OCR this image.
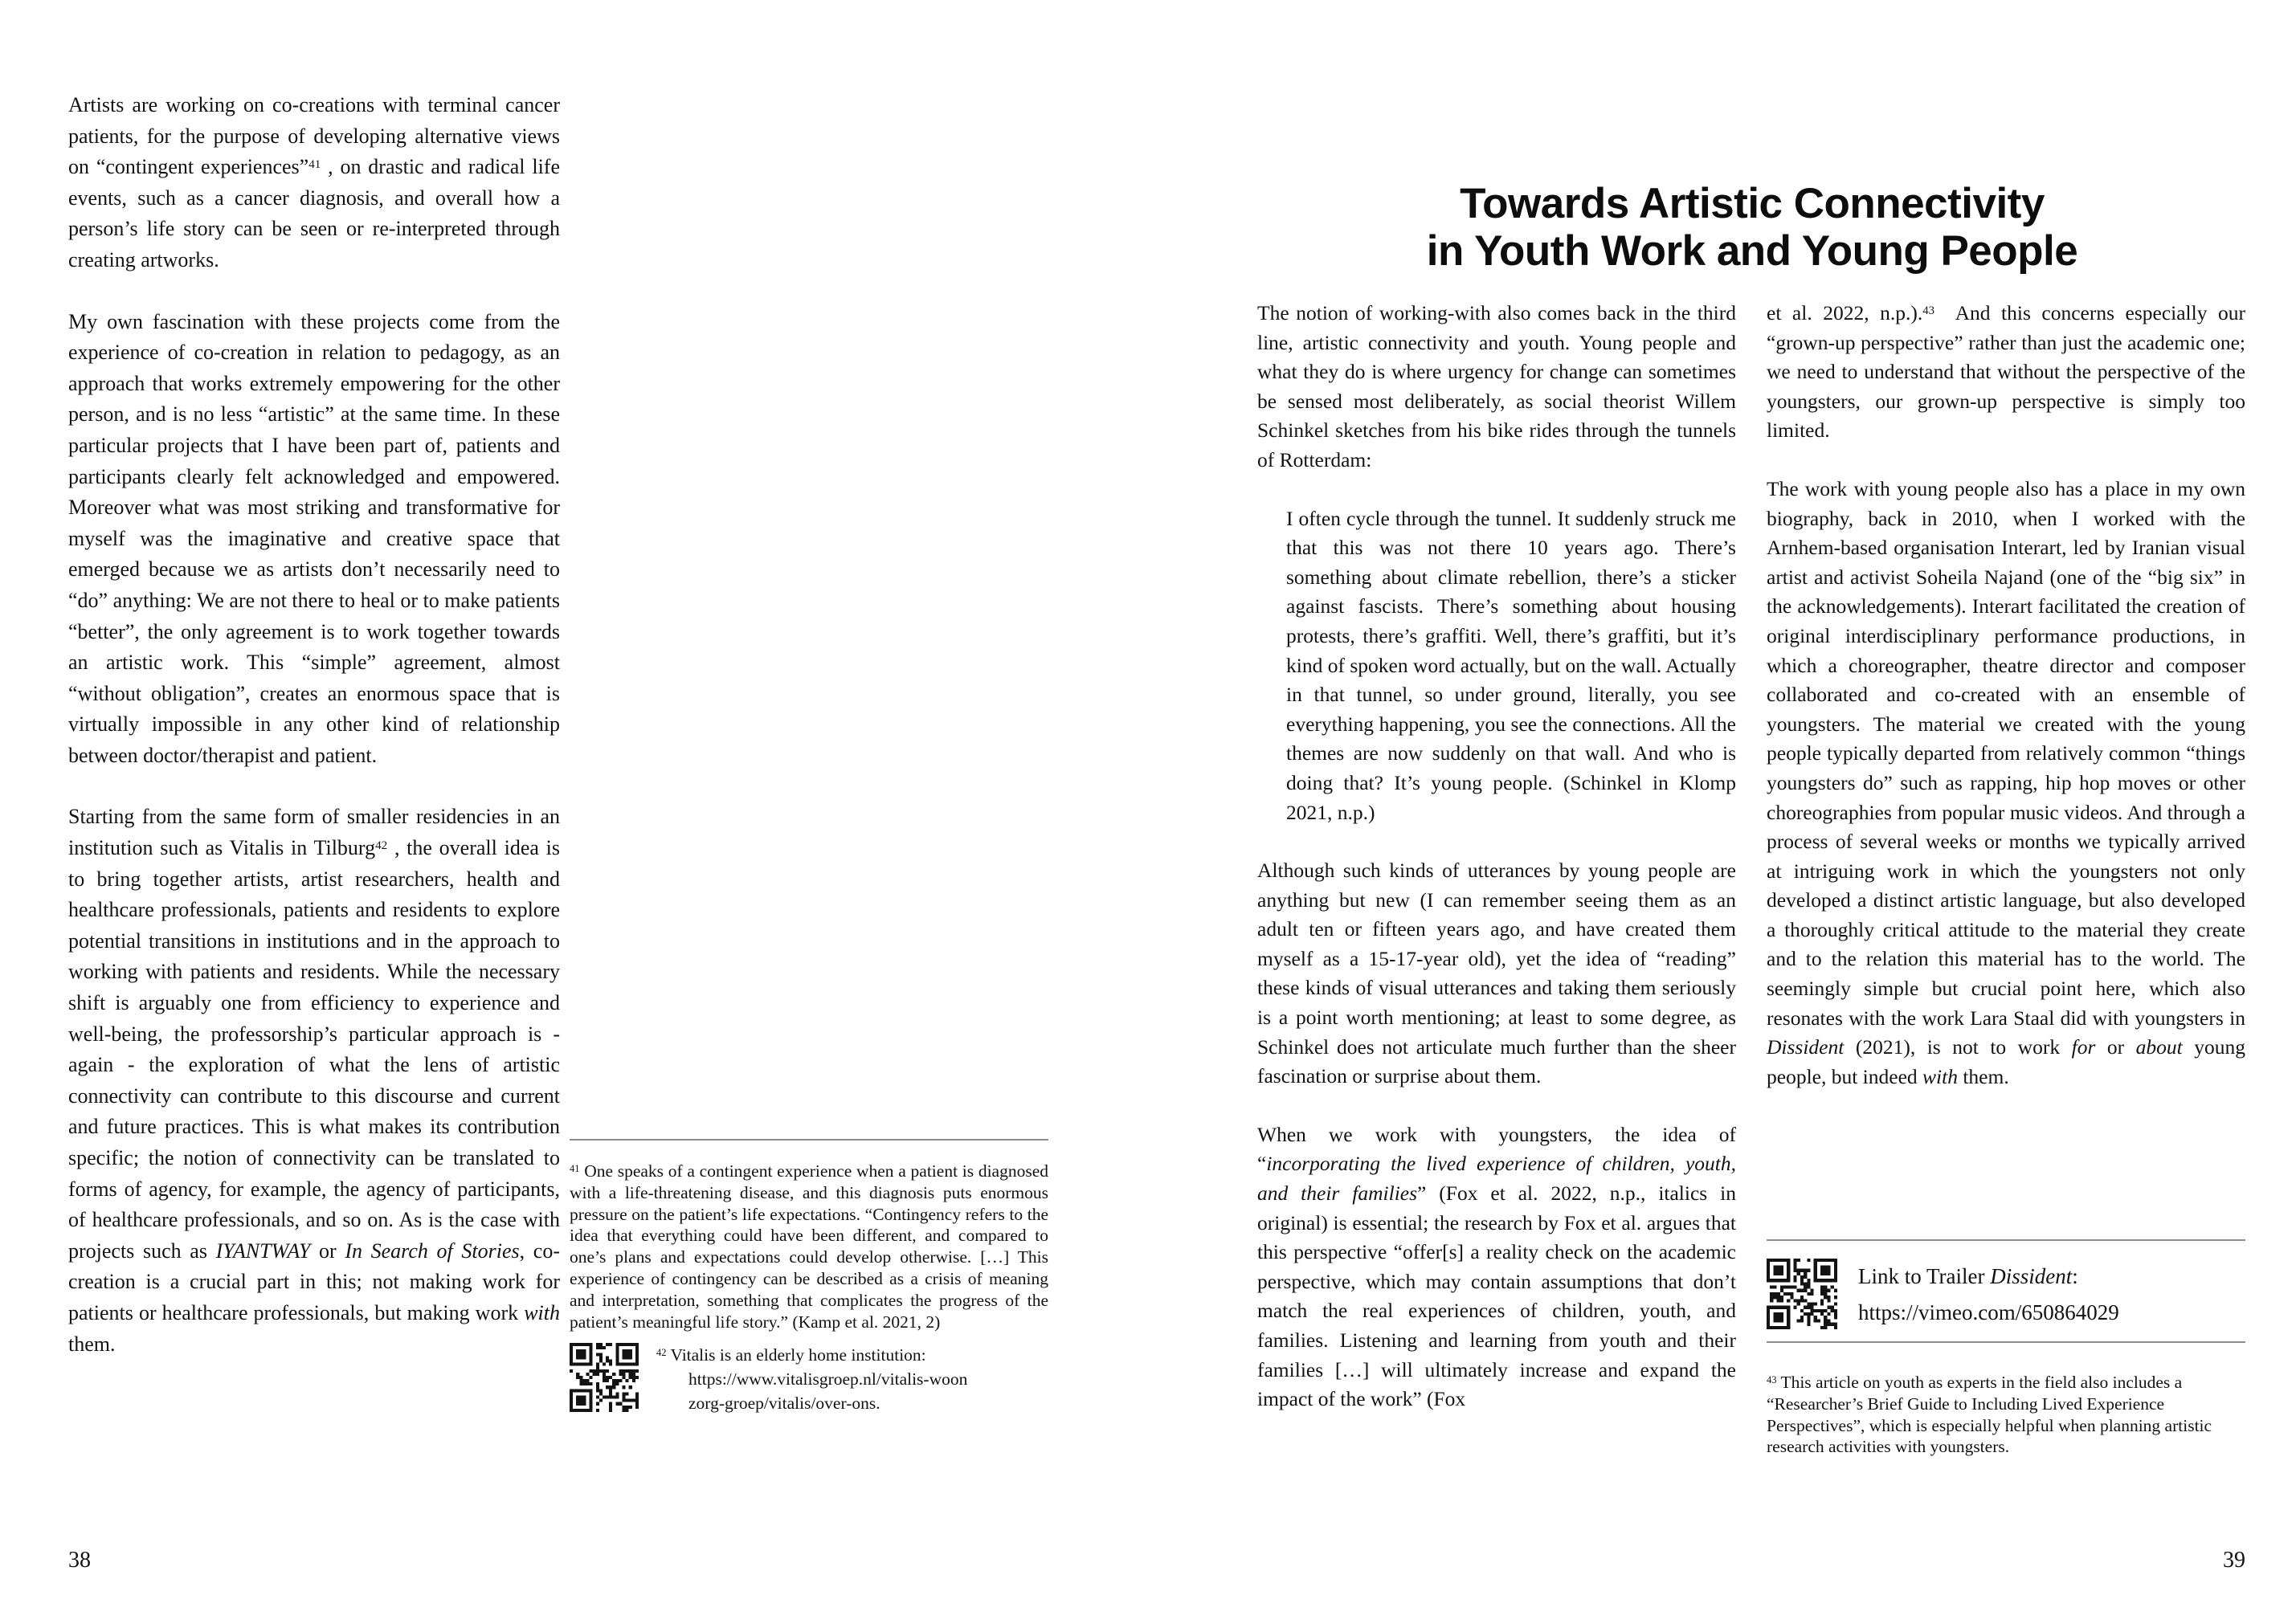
Artists are working on co-creations with terminal cancer patients, for the purpose of developing alternative views on “contingent experiences”$^{41}$ , on drastic and radical life events, such as a cancer diagnosis, and overall how a person’s life story can be seen or re-interpreted through creating artworks.
My own fascination with these projects come from the experience of co-creation in relation to pedagogy, as an approach that works extremely empowering for the other person, and is no less “artistic” at the same time. In these particular projects that I have been part of, patients and participants clearly felt acknowledged and empowered. Moreover what was most striking and transformative for myself was the imaginative and creative space that emerged because we as artists don’t necessarily need to “do” anything: We are not there to heal or to make patients “better”, the only agreement is to work together towards an artistic work. This “simple” agreement, almost “without obligation”, creates an enormous space that is virtually impossible in any other kind of relationship between doctor/therapist and patient.
Starting from the same form of smaller residencies in an institution such as Vitalis in Tilburg$^{42}$ , the overall idea is to bring together artists, artist researchers, health and healthcare professionals, patients and residents to explore potential transitions in institutions and in the approach to working with patients and residents. While the necessary shift is arguably one from efficiency to experience and well-being, the professorship’s particular approach is - again - the exploration of what the lens of artistic connectivity can contribute to this discourse and current and future practices. This is what makes its contribution specific; the notion of connectivity can be translated to forms of agency, for example, the agency of participants, of healthcare professionals, and so on. As is the case with projects such as IYANTWAY or In Search of Stories, co-creation is a crucial part in this; not making work for patients or healthcare professionals, but making work with them.
$^{41}$ One speaks of a contingent experience when a patient is diagnosed with a life-threatening disease, and this diagnosis puts enormous pressure on the patient’s life expectations. “Contingency refers to the idea that everything could have been different, and compared to one’s plans and expectations could develop otherwise. […] This experience of contingency can be described as a crisis of meaning and interpretation, something that complicates the progress of the patient’s meaningful life story.” (Kamp et al. 2021, 2)
$^{42}$ Vitalis is an elderly home institution:
https://www.vitalisgroep.nl/vitalis-woon
zorg-groep/vitalis/over-ons.
38
Towards Artistic Connectivity
in Youth Work and Young People
The notion of working-with also comes back in the third line, artistic connectivity and youth. Young people and what they do is where urgency for change can sometimes be sensed most deliberately, as social theorist Willem Schinkel sketches from his bike rides through the tunnels of Rotterdam:
I often cycle through the tunnel. It suddenly struck me that this was not there 10 years ago. There’s something about climate rebellion, there’s a sticker against fascists. There’s something about housing protests, there’s graffiti. Well, there’s graffiti, but it’s kind of spoken word actually, but on the wall. Actually in that tunnel, so under ground, literally, you see everything happening, you see the connections. All the themes are now suddenly on that wall. And who is doing that? It’s young people. (Schinkel in Klomp 2021, n.p.)
Although such kinds of utterances by young people are anything but new (I can remember seeing them as an adult ten or fifteen years ago, and have created them myself as a 15-17-year old), yet the idea of “reading” these kinds of visual utterances and taking them seriously is a point worth mentioning; at least to some degree, as Schinkel does not articulate much further than the sheer fascination or surprise about them.
When we work with youngsters, the idea of “incorporating the lived experience of children, youth, and their families” (Fox et al. 2022, n.p., italics in original) is essential; the research by Fox et al. argues that this perspective “offer[s] a reality check on the academic perspective, which may contain assumptions that don’t match the real experiences of children, youth, and families. Listening and learning from youth and their families […] will ultimately increase and expand the impact of the work” (Fox
et al. 2022, n.p.).$^{43}$  And this concerns especially our “grown-up perspective” rather than just the academic one; we need to understand that without the perspective of the youngsters, our grown-up perspective is simply too limited.
The work with young people also has a place in my own biography, back in 2010, when I worked with the Arnhem-based organisation Interart, led by Iranian visual artist and activist Soheila Najand (one of the “big six” in the acknowledgements). Interart facilitated the creation of original interdisciplinary performance productions, in which a choreographer, theatre director and composer collaborated and co-created with an ensemble of youngsters. The material we created with the young people typically departed from relatively common “things youngsters do” such as rapping, hip hop moves or other choreographies from popular music videos. And through a process of several weeks or months we typically arrived at intriguing work in which the youngsters not only developed a distinct artistic language, but also developed a thoroughly critical attitude to the material they create and to the relation this material has to the world. The seemingly simple but crucial point here, which also resonates with the work Lara Staal did with youngsters in Dissident (2021), is not to work for or about young people, but indeed with them.
Link to Trailer Dissident:
https://vimeo.com/650864029
$^{43}$ This article on youth as experts in the field also includes a “Researcher’s Brief Guide to Including Lived Experience Perspectives”, which is especially helpful when planning artistic research activities with youngsters.
39
